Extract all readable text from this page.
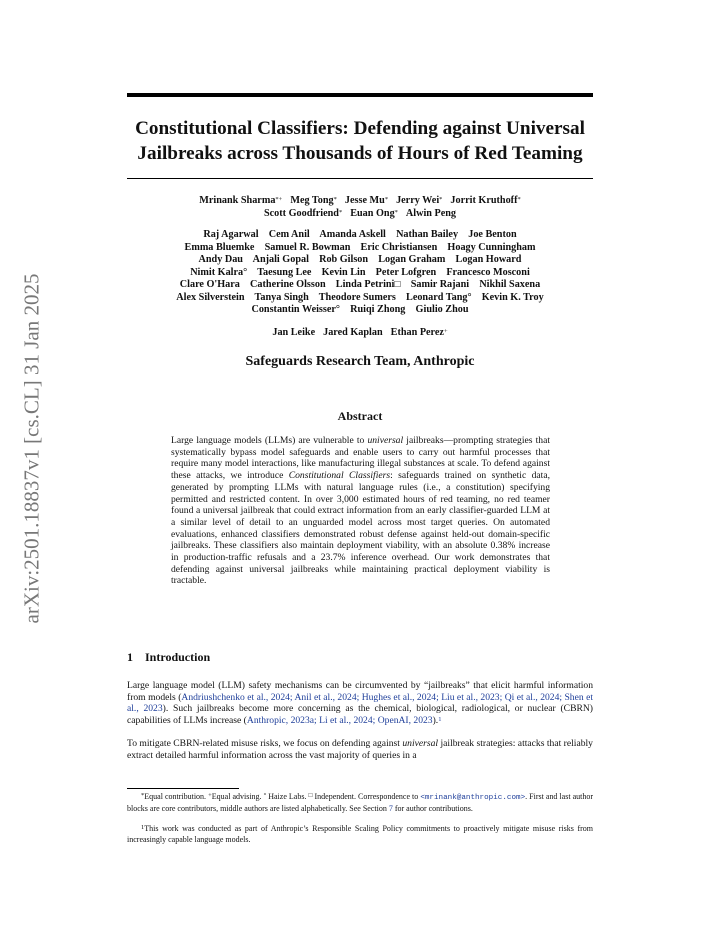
arXiv:2501.18837v1 [cs.CL] 31 Jan 2025
Constitutional Classifiers: Defending against Universal
Jailbreaks across Thousands of Hours of Red Teaming
Mrinank Sharma*+ Meg Tong* Jesse Mu* Jerry Wei* Jorrit Kruthoff*
Scott Goodfriend* Euan Ong* Alwin Peng
Raj Agarwal    Cem Anil    Amanda Askell    Nathan Bailey    Joe Benton
Emma Bluemke    Samuel R. Bowman    Eric Christiansen    Hoagy Cunningham
Andy Dau    Anjali Gopal    Rob Gilson    Logan Graham    Logan Howard
Nimit Kalra°    Taesung Lee    Kevin Lin    Peter Lofgren    Francesco Mosconi
Clare O'Hara    Catherine Olsson    Linda Petrini□    Samir Rajani    Nikhil Saxena
Alex Silverstein    Tanya Singh    Theodore Sumers    Leonard Tang°    Kevin K. Troy
Constantin Weisser°    Ruiqi Zhong    Giulio Zhou
Jan Leike Jared Kaplan Ethan Perez+
Safeguards Research Team, Anthropic
Abstract
Large language models (LLMs) are vulnerable to universal jailbreaks—prompting strategies that systematically bypass model safeguards and enable users to carry out harmful processes that require many model interactions, like manufacturing illegal substances at scale. To defend against these attacks, we introduce Constitutional Classifiers: safeguards trained on synthetic data, generated by prompting LLMs with natural language rules (i.e., a constitution) specifying permitted and restricted content. In over 3,000 estimated hours of red teaming, no red teamer found a universal jailbreak that could extract information from an early classifier-guarded LLM at a similar level of detail to an unguarded model across most target queries. On automated evaluations, enhanced classifiers demonstrated robust defense against held-out domain-specific jailbreaks. These classifiers also maintain deployment viability, with an absolute 0.38% increase in production-traffic refusals and a 23.7% inference overhead. Our work demonstrates that defending against universal jailbreaks while maintaining practical deployment viability is tractable.
1 Introduction
Large language model (LLM) safety mechanisms can be circumvented by “jailbreaks” that elicit harmful information from models (Andriushchenko et al., 2024; Anil et al., 2024; Hughes et al., 2024; Liu et al., 2023; Qi et al., 2024; Shen et al., 2023). Such jailbreaks become more concerning as the chemical, biological, radiological, or nuclear (CBRN) capabilities of LLMs increase (Anthropic, 2023a; Li et al., 2024; OpenAI, 2023).$^1$
To mitigate CBRN-related misuse risks, we focus on defending against universal jailbreak strategies: attacks that reliably extract detailed harmful information across the vast majority of queries in a
*Equal contribution. +Equal advising. ° Haize Labs. □ Independent. Correspondence to <mrinank@anthropic.com>. First and last author blocks are core contributors, middle authors are listed alphabetically. See Section 7 for author contributions.
$^1$This work was conducted as part of Anthropic’s Responsible Scaling Policy commitments to proactively mitigate misuse risks from increasingly capable language models.
